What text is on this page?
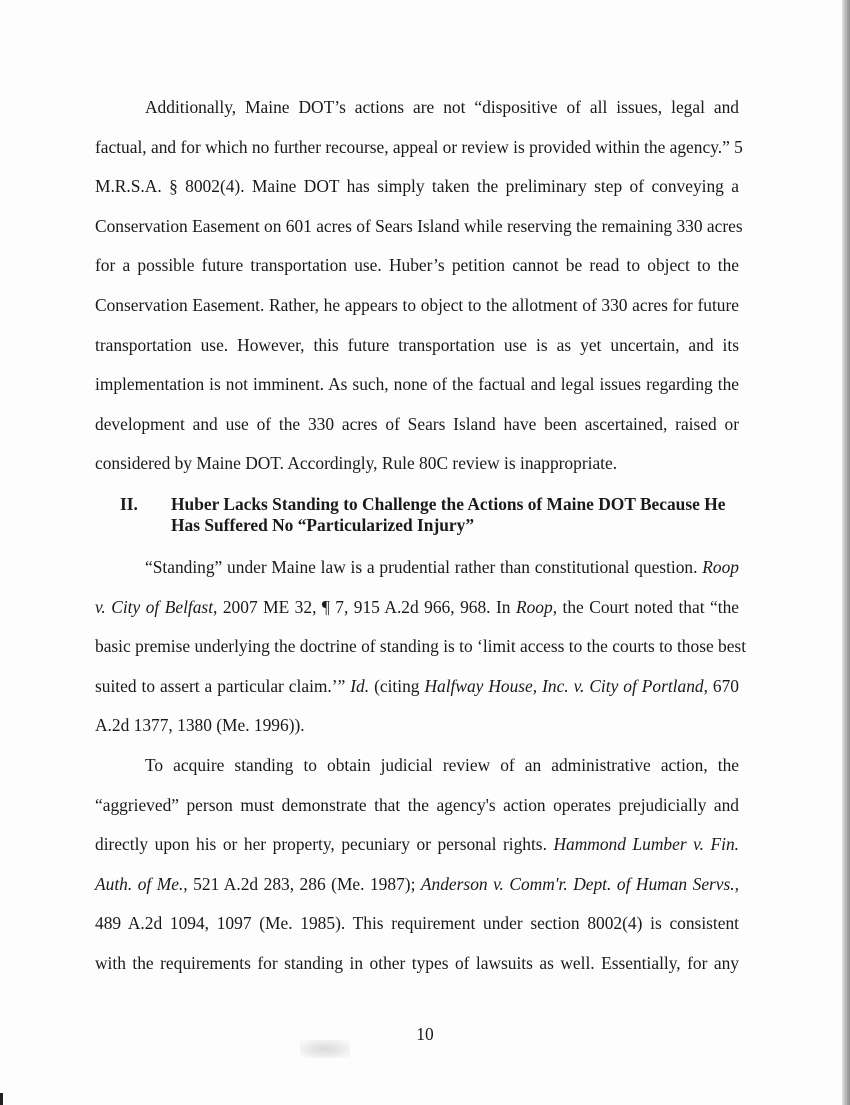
Additionally, Maine DOT’s actions are not “dispositive of all issues, legal and
factual, and for which no further recourse, appeal or review is provided within the agency.” 5
M.R.S.A. § 8002(4). Maine DOT has simply taken the preliminary step of conveying a
Conservation Easement on 601 acres of Sears Island while reserving the remaining 330 acres
for a possible future transportation use. Huber’s petition cannot be read to object to the
Conservation Easement. Rather, he appears to object to the allotment of 330 acres for future
transportation use. However, this future transportation use is as yet uncertain, and its
implementation is not imminent. As such, none of the factual and legal issues regarding the
development and use of the 330 acres of Sears Island have been ascertained, raised or
considered by Maine DOT. Accordingly, Rule 80C review is inappropriate.
II. Huber Lacks Standing to Challenge the Actions of Maine DOT Because He Has Suffered No “Particularized Injury”
“Standing” under Maine law is a prudential rather than constitutional question. Roop
v. City of Belfast, 2007 ME 32, ¶ 7, 915 A.2d 966, 968. In Roop, the Court noted that “the
basic premise underlying the doctrine of standing is to ‘limit access to the courts to those best
suited to assert a particular claim.’” Id. (citing Halfway House, Inc. v. City of Portland, 670
A.2d 1377, 1380 (Me. 1996)).
To acquire standing to obtain judicial review of an administrative action, the
“aggrieved” person must demonstrate that the agency's action operates prejudicially and
directly upon his or her property, pecuniary or personal rights. Hammond Lumber v. Fin.
Auth. of Me., 521 A.2d 283, 286 (Me. 1987); Anderson v. Comm'r. Dept. of Human Servs.,
489 A.2d 1094, 1097 (Me. 1985). This requirement under section 8002(4) is consistent
with the requirements for standing in other types of lawsuits as well. Essentially, for any
10
